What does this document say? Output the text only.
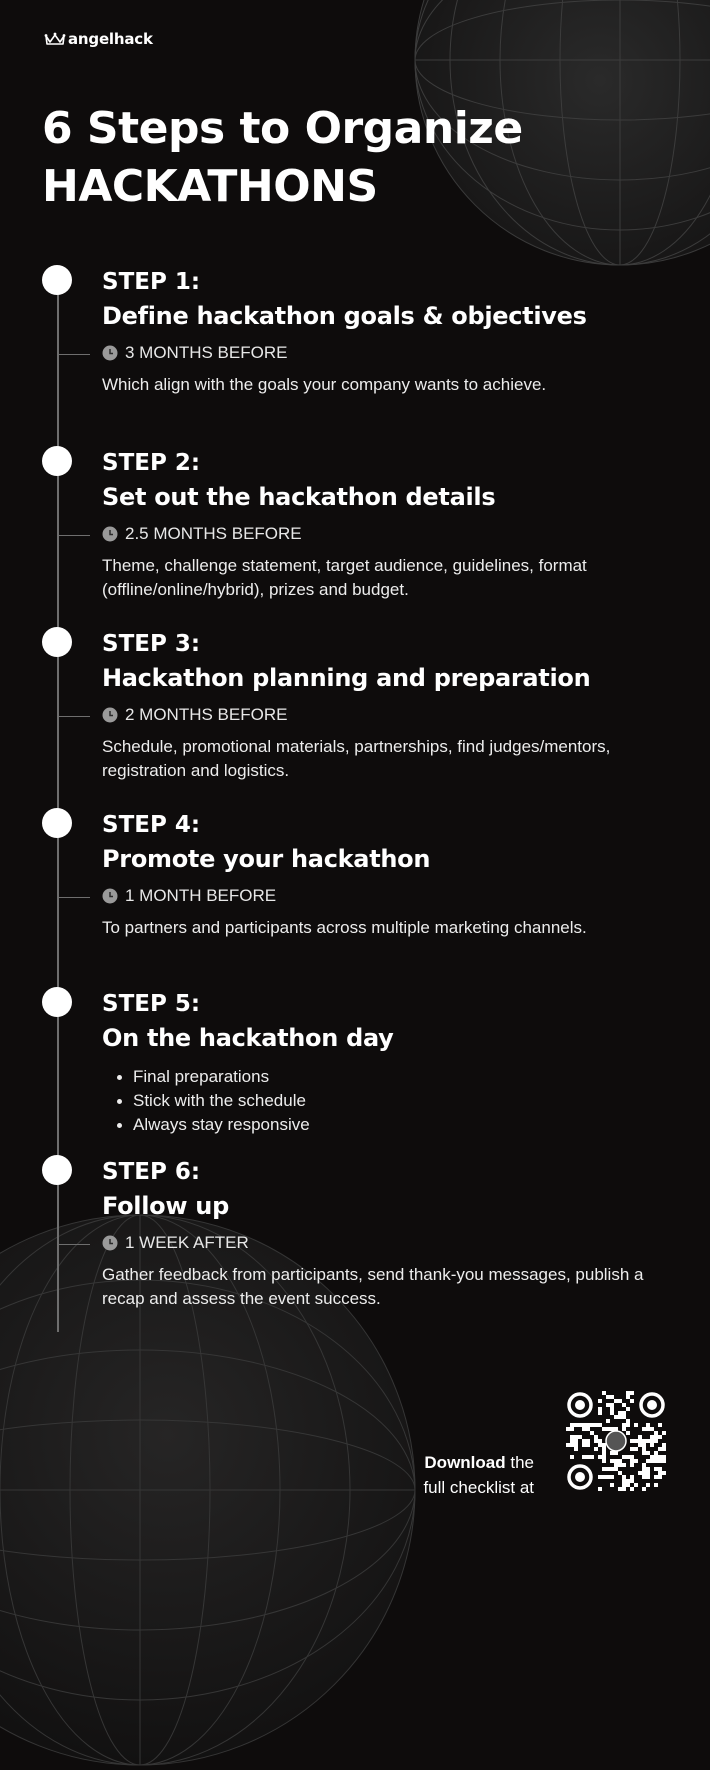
angelhack
6 Steps to Organize
HACKATHONS
STEP 1:
Define hackathon goals & objectives
3 MONTHS BEFORE
Which align with the goals your company wants to achieve.
STEP 2:
Set out the hackathon details
2.5 MONTHS BEFORE
Theme, challenge statement, target audience, guidelines, format (offline/online/hybrid), prizes and budget.
STEP 3:
Hackathon planning and preparation
2 MONTHS BEFORE
Schedule, promotional materials, partnerships, find judges/mentors, registration and logistics.
STEP 4:
Promote your hackathon
1 MONTH BEFORE
To partners and participants across multiple marketing channels.
STEP 5:
On the hackathon day
Final preparations
Stick with the schedule
Always stay responsive
STEP 6:
Follow up
1 WEEK AFTER
Gather feedback from participants, send thank-you messages, publish a recap and assess the event success.
Download the
full checklist at
